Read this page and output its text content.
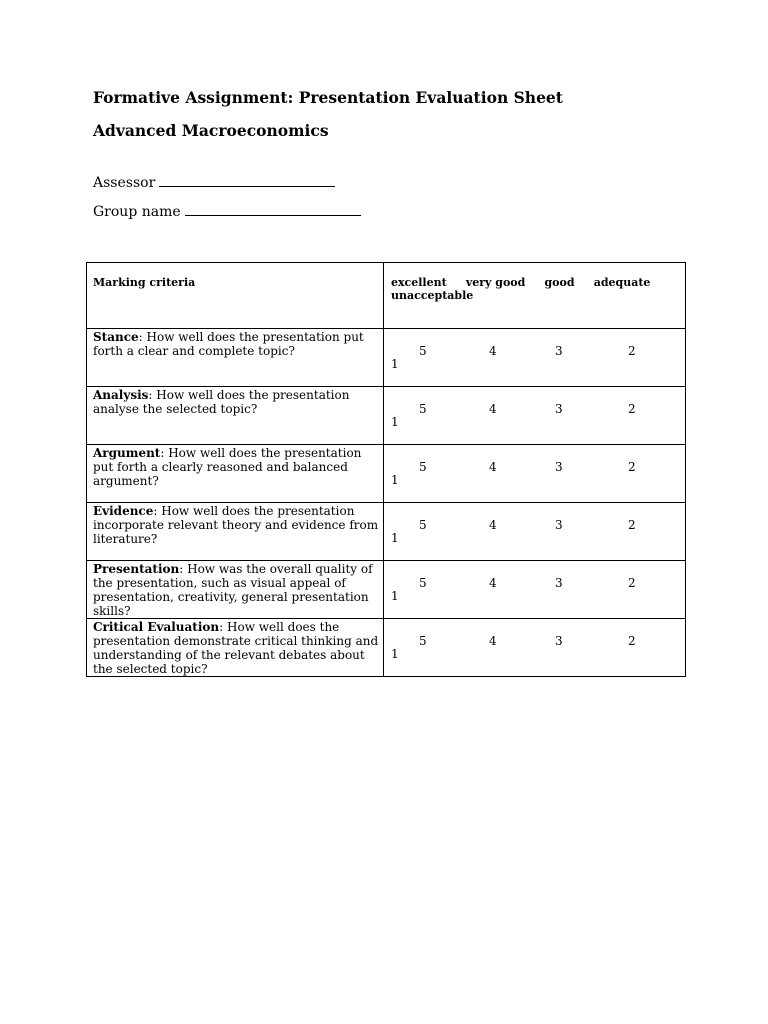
Formative Assignment: Presentation Evaluation Sheet
Advanced Macroeconomics
Assessor
Group name
Marking criteria	excellent very good good adequate
unacceptable
Stance: How well does the presentation put forth a clear and complete topic?	5 4 3 2
1

Analysis: How well does the presentation analyse the selected topic?	5 4 3 2
1

Argument: How well does the presentation put forth a clearly reasoned and balanced argument?	5 4 3 2
1

Evidence: How well does the presentation incorporate relevant theory and evidence from literature?	5 4 3 2
1

Presentation: How was the overall quality of the presentation, such as visual appeal of presentation, creativity, general presentation skills?	5 4 3 2
1

Critical Evaluation: How well does the presentation demonstrate critical thinking and understanding of the relevant debates about the selected topic?	5 4 3 2
1
